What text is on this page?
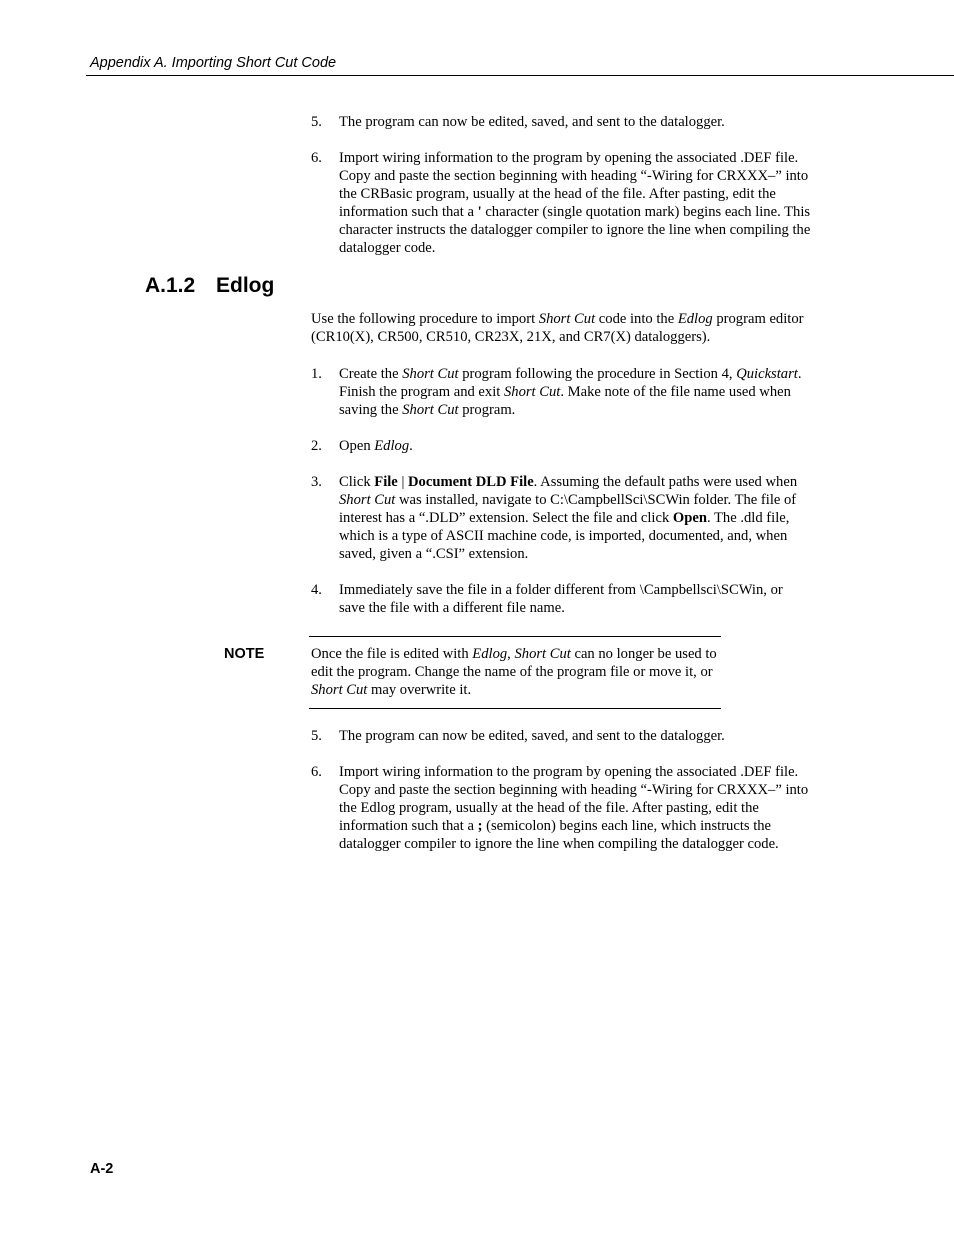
Appendix A. Importing Short Cut Code
5. The program can now be edited, saved, and sent to the datalogger.
6. Import wiring information to the program by opening the associated .DEF file. Copy and paste the section beginning with heading “-Wiring for CRXXX–” into the CRBasic program, usually at the head of the file. After pasting, edit the information such that a ' character (single quotation mark) begins each line. This character instructs the datalogger compiler to ignore the line when compiling the datalogger code.
A.1.2 Edlog
Use the following procedure to import Short Cut code into the Edlog program editor (CR10(X), CR500, CR510, CR23X, 21X, and CR7(X) dataloggers).
1. Create the Short Cut program following the procedure in Section 4, Quickstart. Finish the program and exit Short Cut. Make note of the file name used when saving the Short Cut program.
2. Open Edlog.
3. Click File | Document DLD File. Assuming the default paths were used when Short Cut was installed, navigate to C:\CampbellSci\SCWin folder. The file of interest has a “.DLD” extension. Select the file and click Open. The .dld file, which is a type of ASCII machine code, is imported, documented, and, when saved, given a “.CSI” extension.
4. Immediately save the file in a folder different from \Campbellsci\SCWin, or save the file with a different file name.
NOTE	Once the file is edited with Edlog, Short Cut can no longer be used to edit the program. Change the name of the program file or move it, or Short Cut may overwrite it.
5. The program can now be edited, saved, and sent to the datalogger.
6. Import wiring information to the program by opening the associated .DEF file. Copy and paste the section beginning with heading “-Wiring for CRXXX–” into the Edlog program, usually at the head of the file. After pasting, edit the information such that a ; (semicolon) begins each line, which instructs the datalogger compiler to ignore the line when compiling the datalogger code.
A-2
